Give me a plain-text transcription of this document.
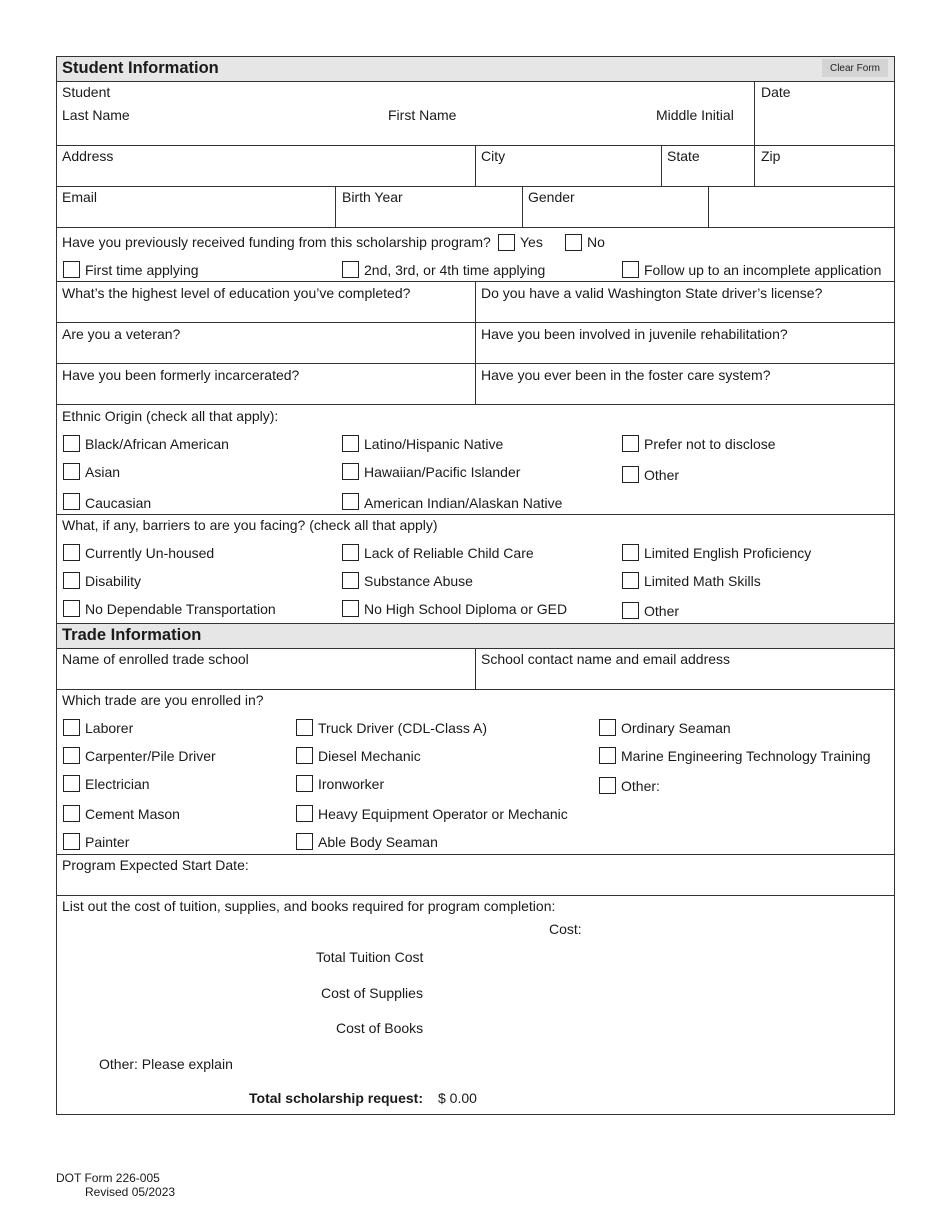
Student Information	Clear Form
Trade Information
Student
Last Name	First Name	Middle Initial
Date
Address	City	State	Zip
Email	Birth Year	Gender
Have you previously received funding from this scholarship program? Yes	No
First time applying	2nd, 3rd, or 4th time applying	Follow up to an incomplete application
What’s the highest level of education you’ve completed?	Do you have a valid Washington State driver’s license?
Are you a veteran?	Have you been involved in juvenile rehabilitation?
Have you been formerly incarcerated?	Have you ever been in the foster care system?
Ethnic Origin (check all that apply):
Black/African American
Asian
Caucasian
Latino/Hispanic Native
Hawaiian/Pacific Islander
American Indian/Alaskan Native
Prefer not to disclose
Other
What, if any, barriers to are you facing? (check all that apply)
Currently Un-housed
Disability
No Dependable Transportation
Lack of Reliable Child Care
Substance Abuse
No High School Diploma or GED
Limited English Proficiency
Limited Math Skills
Other
Name of enrolled trade school	School contact name and email address
Which trade are you enrolled in?
Laborer
Carpenter/Pile Driver
Electrician
Cement Mason
Painter
Truck Driver (CDL-Class A)
Diesel Mechanic
Ironworker
Heavy Equipment Operator or Mechanic
Able Body Seaman
Ordinary Seaman
Marine Engineering Technology Training
Other:
Program Expected Start Date:
List out the cost of tuition, supplies, and books required for program completion:
Cost:
Total Tuition Cost
Cost of Supplies
Cost of Books
Other: Please explain
Total scholarship request: $ 0.00
DOT Form 226-005
Revised 05/2023
